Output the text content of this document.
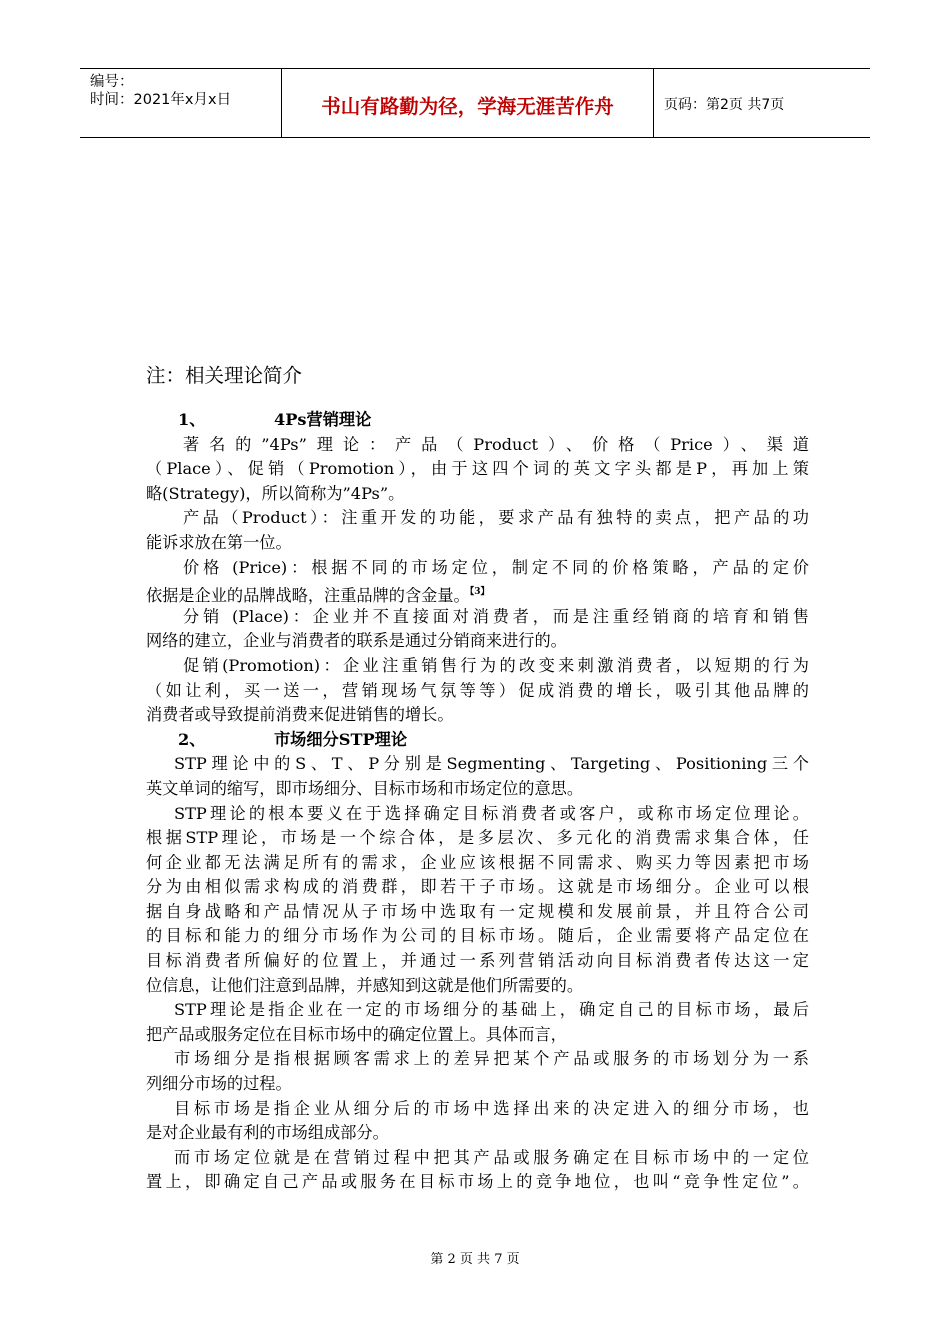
编号：
时间：2021年x月x日	书山有路勤为径，学海无涯苦作舟	页码：第2页 共7页
注：相关理论简介
1、	4Ps营销理论
著名的”4Ps”理论：产品（Product）、价格（Price）、渠道
（Place）、促销（Promotion），由于这四个词的英文字头都是P，再加上策
略(Strategy)，所以简称为”4Ps”。
产品（Product）：注重开发的功能，要求产品有独特的卖点，把产品的功
能诉求放在第一位。
价格 (Price)：根据不同的市场定位，制定不同的价格策略，产品的定价
依据是企业的品牌战略，注重品牌的含金量。$^{【3】}$
分销 (Place)：企业并不直接面对消费者，而是注重经销商的培育和销售
网络的建立，企业与消费者的联系是通过分销商来进行的。
促销(Promotion)：企业注重销售行为的改变来刺激消费者，以短期的行为
（如让利，买一送一，营销现场气氛等等）促成消费的增长，吸引其他品牌的
消费者或导致提前消费来促进销售的增长。
2、	市场细分STP理论
STP理论中的S、T、P分别是Segmenting、Targeting、Positioning三个
英文单词的缩写，即市场细分、目标市场和市场定位的意思。
STP理论的根本要义在于选择确定目标消费者或客户，或称市场定位理论。
根据STP理论，市场是一个综合体，是多层次、多元化的消费需求集合体，任
何企业都无法满足所有的需求，企业应该根据不同需求、购买力等因素把市场
分为由相似需求构成的消费群，即若干子市场。这就是市场细分。企业可以根
据自身战略和产品情况从子市场中选取有一定规模和发展前景，并且符合公司
的目标和能力的细分市场作为公司的目标市场。随后，企业需要将产品定位在
目标消费者所偏好的位置上，并通过一系列营销活动向目标消费者传达这一定
位信息，让他们注意到品牌，并感知到这就是他们所需要的。
STP理论是指企业在一定的市场细分的基础上，确定自己的目标市场，最后
把产品或服务定位在目标市场中的确定位置上。具体而言，
市场细分是指根据顾客需求上的差异把某个产品或服务的市场划分为一系
列细分市场的过程。
目标市场是指企业从细分后的市场中选择出来的决定进入的细分市场，也
是对企业最有利的市场组成部分。
而市场定位就是在营销过程中把其产品或服务确定在目标市场中的一定位
置上，即确定自己产品或服务在目标市场上的竞争地位，也叫“竞争性定位”。
第 2 页 共 7 页
